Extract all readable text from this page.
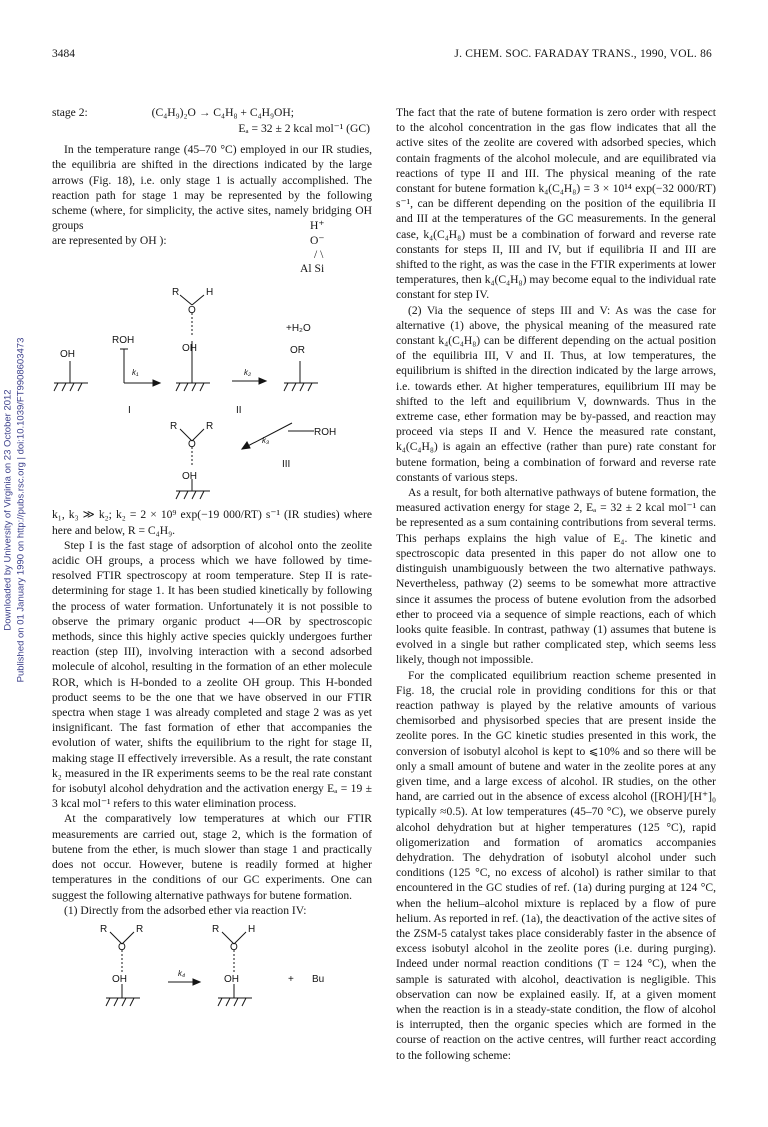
3484	J. CHEM. SOC. FARADAY TRANS., 1990, VOL. 86
Downloaded by University of Virginia on 23 October 2012 Published on 01 January 1990 on http://pubs.rsc.org | doi:10.1039/FT9908603473
stage 2:	(C₄H₉)₂O → C₄H₈ + C₄H₉OH;
Eₐ = 32 ± 2 kcal mol⁻¹ (GC)

In the temperature range (45–70 °C) employed in our IR studies, the equilibria are shifted in the directions indicated by the large arrows (Fig. 18), i.e. only stage 1 is actually accomplished. The reaction path for stage 1 may be represented by the following scheme (where, for simplicity, the active sites, namely bridging OH groups

are represented by OH ):
H⁺
O⁻
/ \
Al Si
OH
ROH
k₁
R	H
O
OH
k₂
+H₂O
OR
I	II
ROH
k₃
III
R	R
O
OH

k₁, k₃ ≫ k₂; k₂ = 2 × 10⁹ exp(−19 000/RT) s⁻¹ (IR studies) where here and below, R = C₄H₉.

Step I is the fast stage of adsorption of alcohol onto the zeolite acidic OH groups, a process which we have followed by time-resolved FTIR spectroscopy at room temperature. Step II is rate-determining for stage 1. It has been studied kinetically by following the process of water formation. Unfortunately it is not possible to observe the primary organic product ⫞—OR by spectroscopic methods, since this highly active species quickly undergoes further reaction (step III), involving interaction with a second adsorbed molecule of alcohol, resulting in the formation of an ether molecule ROR, which is H-bonded to a zeolite OH group. This H-bonded product seems to be the one that we have observed in our FTIR spectra when stage 1 was already completed and stage 2 was as yet insignificant. The fast formation of ether that accompanies the evolution of water, shifts the equilibrium to the right for stage II, making stage II effectively irreversible. As a result, the rate constant k₂ measured in the IR experiments seems to be the real rate constant for isobutyl alcohol dehydration and the activation energy Eₐ = 19 ± 3 kcal mol⁻¹ refers to this water elimination process.

At the comparatively low temperatures at which our FTIR measurements are carried out, stage 2, which is the formation of butene from the ether, is much slower than stage 1 and practically does not occur. However, butene is readily formed at higher temperatures in the conditions of our GC experiments. One can suggest the following alternative pathways for butene formation.

(1) Directly from the adsorbed ether via reaction IV:

R	R
O
OH
k₄
R	H
O
OH	+ Bu

The fact that the rate of butene formation is zero order with respect to the alcohol concentration in the gas flow indicates that all the active sites of the zeolite are covered with adsorbed species, which contain fragments of the alcohol molecule, and are equilibrated via reactions of type II and III. The physical meaning of the rate constant for butene formation k₄(C₄H₈) = 3 × 10¹⁴ exp(−32 000/RT) s⁻¹, can be different depending on the position of the equilibria II and III at the temperatures of the GC measurements. In the general case, k₄(C₄H₈) must be a combination of forward and reverse rate constants for steps II, III and IV, but if equilibria II and III are shifted to the right, as was the case in the FTIR experiments at lower temperatures, then k₄(C₄H₈) may become equal to the individual rate constant for step IV.

(2) Via the sequence of steps III and V: As was the case for alternative (1) above, the physical meaning of the measured rate constant k₄(C₄H₈) can be different depending on the actual position of the equilibria III, V and II. Thus, at low temperatures, the equilibrium is shifted in the direction indicated by the large arrows, i.e. towards ether. At higher temperatures, equilibrium III may be shifted to the left and equilibrium V, downwards. Thus in the extreme case, ether formation may be by-passed, and reaction may proceed via steps II and V. Hence the measured rate constant, k₄(C₄H₈) is again an effective (rather than pure) rate constant for butene formation, being a combination of forward and reverse rate constants of various steps.

As a result, for both alternative pathways of butene formation, the measured activation energy for stage 2, Eₐ = 32 ± 2 kcal mol⁻¹ can be represented as a sum containing contributions from several terms. This perhaps explains the high value of E₄. The kinetic and spectroscopic data presented in this paper do not allow one to distinguish unambiguously between the two alternative pathways. Nevertheless, pathway (2) seems to be somewhat more attractive since it assumes the process of butene evolution from the adsorbed ether to proceed via a sequence of simple reactions, each of which looks quite feasible. In contrast, pathway (1) assumes that butene is evolved in a single but rather complicated step, which seems less likely, though not impossible.

For the complicated equilibrium reaction scheme presented in Fig. 18, the crucial role in providing conditions for this or that reaction pathway is played by the relative amounts of various chemisorbed and physisorbed species that are present inside the zeolite pores. In the GC kinetic studies presented in this work, the conversion of isobutyl alcohol is kept to ⩽10% and so there will be only a small amount of butene and water in the zeolite pores at any given time, and a large excess of alcohol. IR studies, on the other hand, are carried out in the absence of excess alcohol ([ROH]/[H⁺]₀ typically ≈0.5). At low temperatures (45–70 °C), we observe purely alcohol dehydration but at higher temperatures (125 °C), rapid oligomerization and formation of aromatics accompanies dehydration. The dehydration of isobutyl alcohol under such conditions (125 °C, no excess of alcohol) is rather similar to that encountered in the GC studies of ref. (1a) during purging at 124 °C, when the helium–alcohol mixture is replaced by a flow of pure helium. As reported in ref. (1a), the deactivation of the active sites of the ZSM-5 catalyst takes place considerably faster in the absence of excess isobutyl alcohol in the zeolite pores (i.e. during purging). Indeed under normal reaction conditions (T = 124 °C), when the sample is saturated with alcohol, deactivation is negligible. This observation can now be explained easily. If, at a given moment when the reaction is in a steady-state condition, the flow of alcohol is interrupted, then the organic species which are formed in the course of reaction on the active centres, will further react according to the following scheme:
